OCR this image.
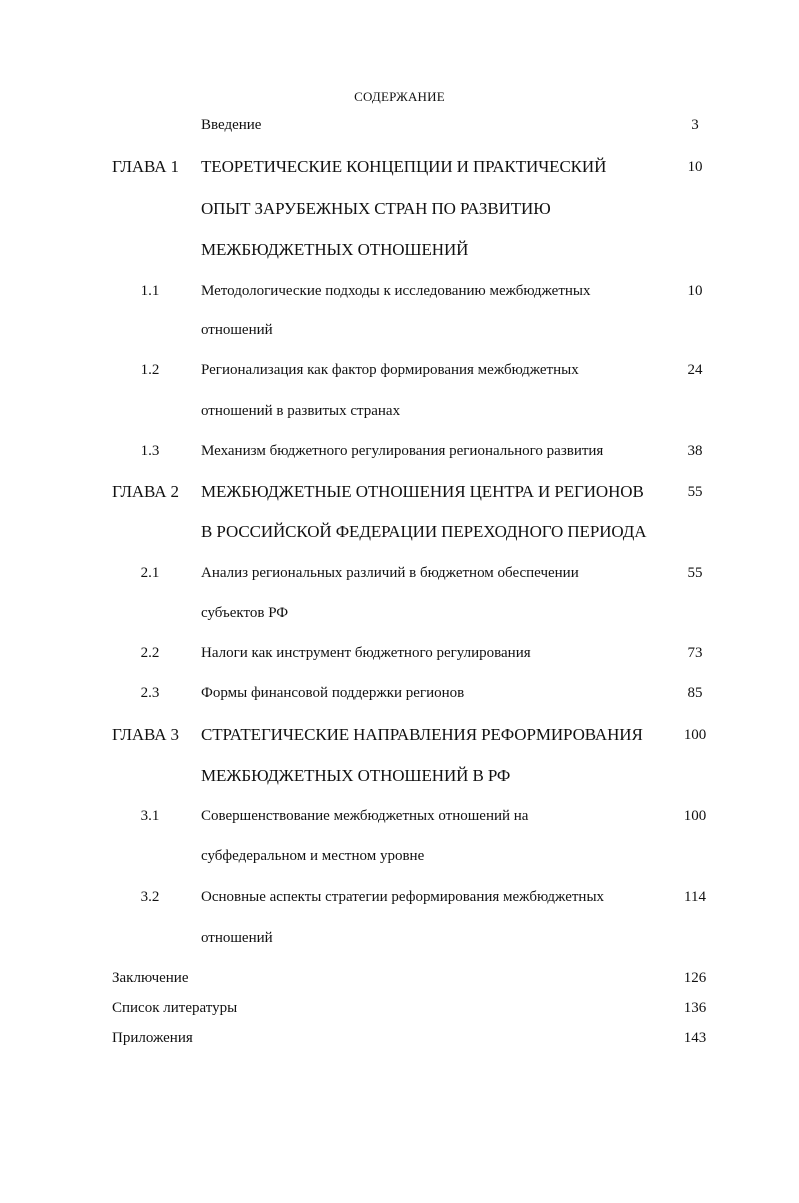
СОДЕРЖАНИЕ
Введение	3
ГЛАВА 1	ТЕОРЕТИЧЕСКИЕ КОНЦЕПЦИИ И ПРАКТИЧЕСКИЙ	10
ОПЫТ ЗАРУБЕЖНЫХ СТРАН ПО РАЗВИТИЮ
МЕЖБЮДЖЕТНЫХ ОТНОШЕНИЙ
1.1	Методологические подходы к исследованию межбюджетных	10
отношений
1.2	Регионализация как фактор формирования межбюджетных	24
отношений в развитых странах
1.3	Механизм бюджетного регулирования регионального развития	38
ГЛАВА 2	МЕЖБЮДЖЕТНЫЕ ОТНОШЕНИЯ ЦЕНТРА И РЕГИОНОВ	55
В РОССИЙСКОЙ ФЕДЕРАЦИИ ПЕРЕХОДНОГО ПЕРИОДА
2.1	Анализ региональных различий в бюджетном обеспечении	55
субъектов РФ
2.2	Налоги как инструмент бюджетного регулирования	73
2.3	Формы финансовой поддержки регионов	85
ГЛАВА 3	СТРАТЕГИЧЕСКИЕ НАПРАВЛЕНИЯ РЕФОРМИРОВАНИЯ	100
МЕЖБЮДЖЕТНЫХ ОТНОШЕНИЙ В РФ
3.1	Совершенствование межбюджетных отношений на	100
субфедеральном и местном уровне
3.2	Основные аспекты стратегии реформирования межбюджетных	114
отношений
Заключение	126
Список литературы	136
Приложения	143
